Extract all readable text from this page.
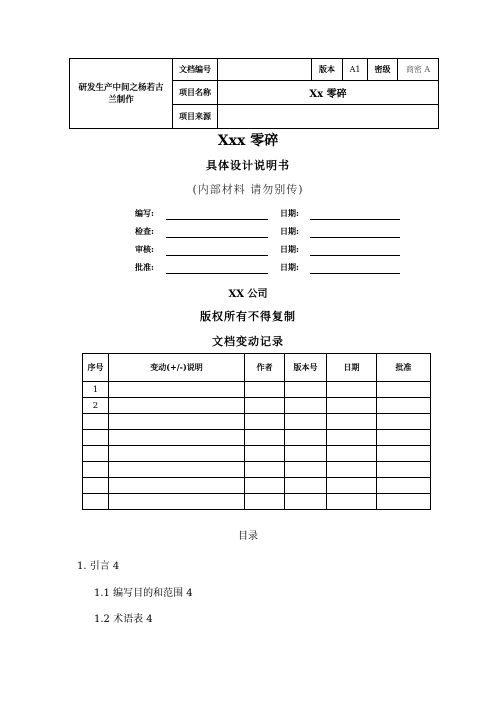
研发生产中间之杨若古兰制作	文档编号		版本	A1	密级	商密 A
	项目名称	Xx 零碎				
	项目来源					
Xxx 零碎
具体设计说明书
(内部材料 请勿别传)
编写:	日期:
检查:	日期:
审核:	日期:
批准:	日期:
XX 公司
版权所有不得复制
文档变动记录
序号	变动(+/-)说明	作者	版本号	日期	批准
1					
2					

目录
1. 引言 4
1.1 编写目的和范围 4
1.2 术语表 4
